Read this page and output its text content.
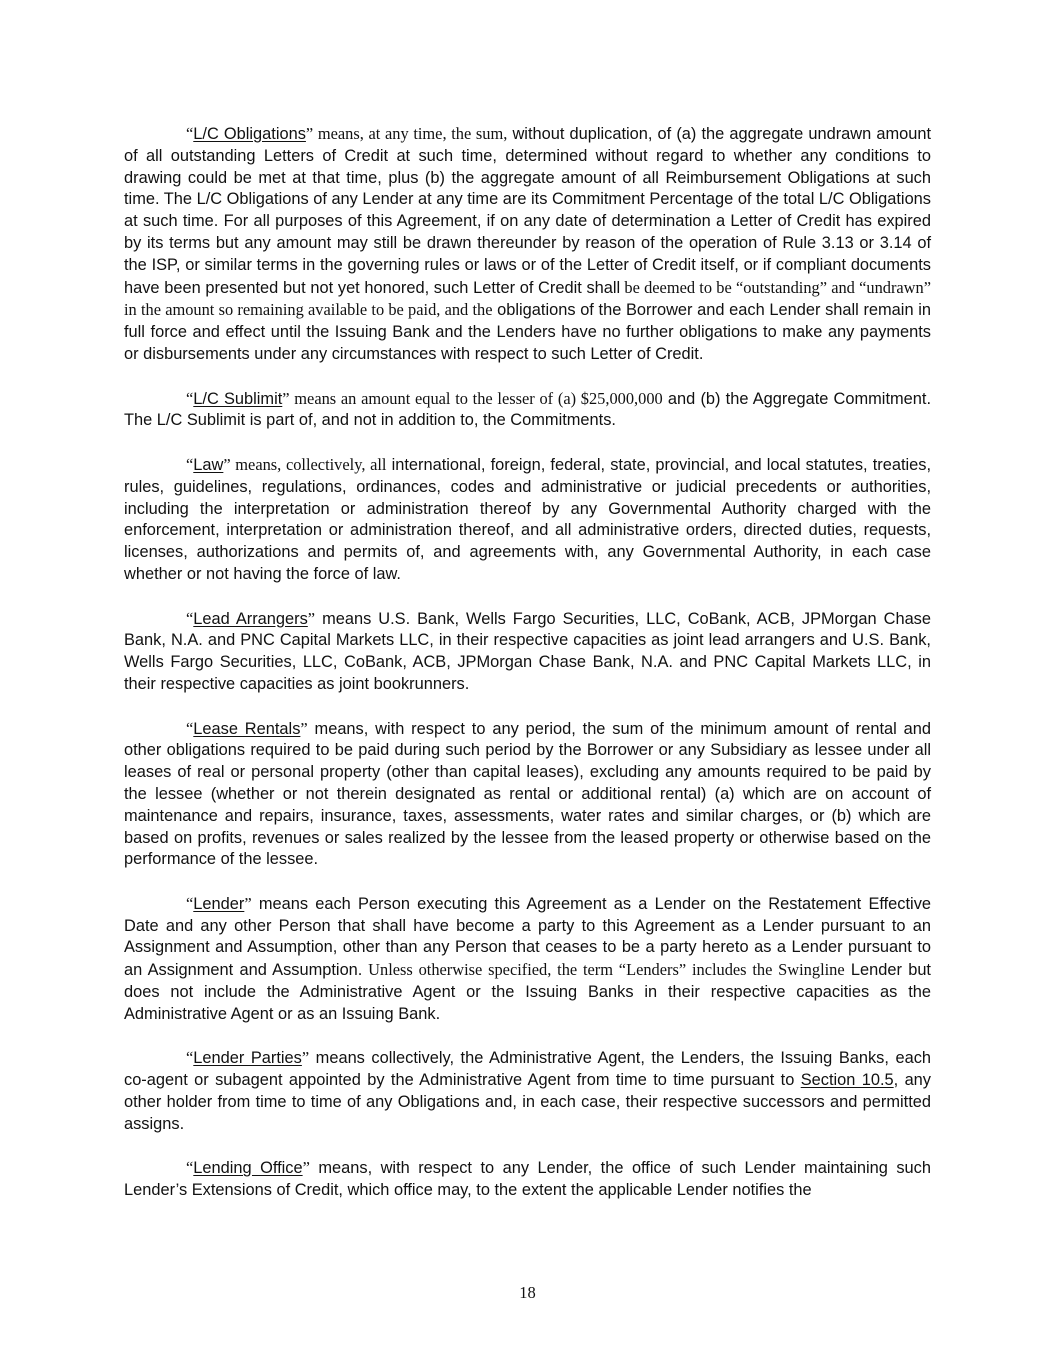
“L/C Obligations” means, at any time, the sum, without duplication, of (a) the aggregate undrawn amount of all outstanding Letters of Credit at such time, determined without regard to whether any conditions to drawing could be met at that time, plus (b) the aggregate amount of all Reimbursement Obligations at such time. The L/C Obligations of any Lender at any time are its Commitment Percentage of the total L/C Obligations at such time. For all purposes of this Agreement, if on any date of determination a Letter of Credit has expired by its terms but any amount may still be drawn thereunder by reason of the operation of Rule 3.13 or 3.14 of the ISP, or similar terms in the governing rules or laws or of the Letter of Credit itself, or if compliant documents have been presented but not yet honored, such Letter of Credit shall be deemed to be “outstanding” and “undrawn” in the amount so remaining available to be paid, and the obligations of the Borrower and each Lender shall remain in full force and effect until the Issuing Bank and the Lenders have no further obligations to make any payments or disbursements under any circumstances with respect to such Letter of Credit.

“L/C Sublimit” means an amount equal to the lesser of (a) $25,000,000 and (b) the Aggregate Commitment. The L/C Sublimit is part of, and not in addition to, the Commitments.

“Law” means, collectively, all international, foreign, federal, state, provincial, and local statutes, treaties, rules, guidelines, regulations, ordinances, codes and administrative or judicial precedents or authorities, including the interpretation or administration thereof by any Governmental Authority charged with the enforcement, interpretation or administration thereof, and all administrative orders, directed duties, requests, licenses, authorizations and permits of, and agreements with, any Governmental Authority, in each case whether or not having the force of law.

“Lead Arrangers” means U.S. Bank, Wells Fargo Securities, LLC, CoBank, ACB, JPMorgan Chase Bank, N.A. and PNC Capital Markets LLC, in their respective capacities as joint lead arrangers and U.S. Bank, Wells Fargo Securities, LLC, CoBank, ACB, JPMorgan Chase Bank, N.A. and PNC Capital Markets LLC, in their respective capacities as joint bookrunners.

“Lease Rentals” means, with respect to any period, the sum of the minimum amount of rental and other obligations required to be paid during such period by the Borrower or any Subsidiary as lessee under all leases of real or personal property (other than capital leases), excluding any amounts required to be paid by the lessee (whether or not therein designated as rental or additional rental) (a) which are on account of maintenance and repairs, insurance, taxes, assessments, water rates and similar charges, or (b) which are based on profits, revenues or sales realized by the lessee from the leased property or otherwise based on the performance of the lessee.

“Lender” means each Person executing this Agreement as a Lender on the Restatement Effective Date and any other Person that shall have become a party to this Agreement as a Lender pursuant to an Assignment and Assumption, other than any Person that ceases to be a party hereto as a Lender pursuant to an Assignment and Assumption. Unless otherwise specified, the term “Lenders” includes the Swingline Lender but does not include the Administrative Agent or the Issuing Banks in their respective capacities as the Administrative Agent or as an Issuing Bank.

“Lender Parties” means collectively, the Administrative Agent, the Lenders, the Issuing Banks, each co-agent or subagent appointed by the Administrative Agent from time to time pursuant to Section 10.5, any other holder from time to time of any Obligations and, in each case, their respective successors and permitted assigns.

“Lending Office” means, with respect to any Lender, the office of such Lender maintaining such Lender’s Extensions of Credit, which office may, to the extent the applicable Lender notifies the

18
